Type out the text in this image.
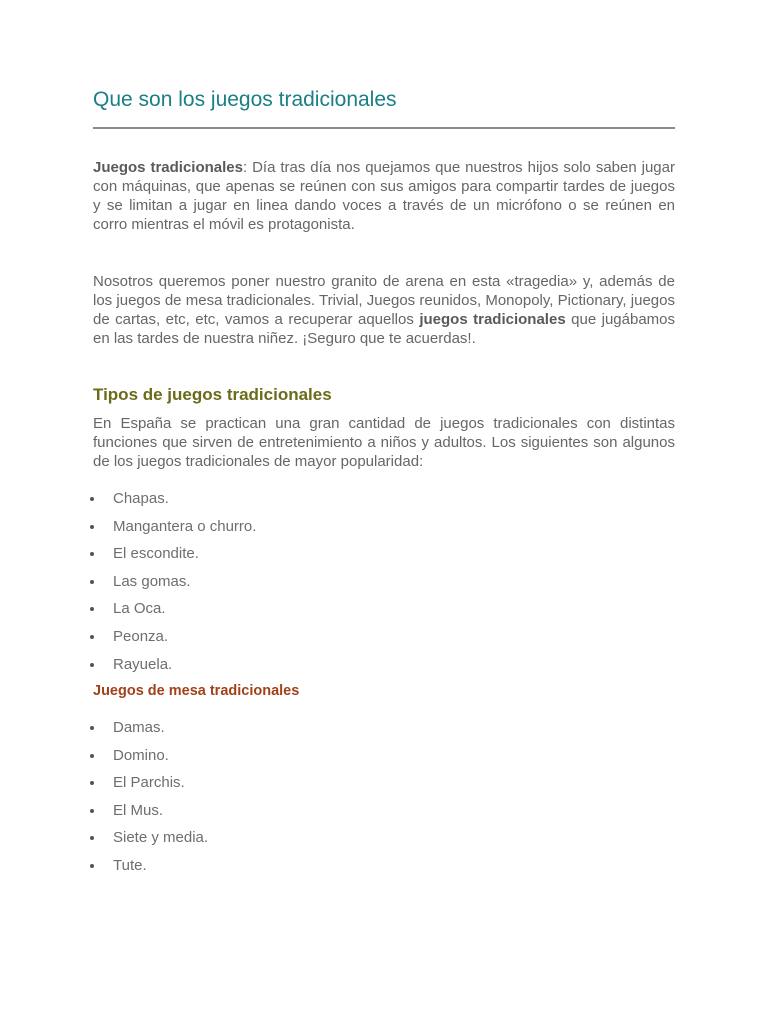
Que son los juegos tradicionales

Juegos tradicionales: Día tras día nos quejamos que nuestros hijos solo saben jugar con máquinas, que apenas se reúnen con sus amigos para compartir tardes de juegos y se limitan a jugar en linea dando voces a través de un micrófono o se reúnen en corro mientras el móvil es protagonista.

Nosotros queremos poner nuestro granito de arena en esta «tragedia» y, además de los juegos de mesa tradicionales. Trivial, Juegos reunidos, Monopoly, Pictionary, juegos de cartas, etc, etc, vamos a recuperar aquellos juegos tradicionales que jugábamos en las tardes de nuestra niñez. ¡Seguro que te acuerdas!.

Tipos de juegos tradicionales

En España se practican una gran cantidad de juegos tradicionales con distintas funciones que sirven de entretenimiento a niños y adultos. Los siguientes son algunos de los juegos tradicionales de mayor popularidad:

Chapas.
Mangantera o churro.
El escondite.
Las gomas.
La Oca.
Peonza.
Rayuela.
Juegos de mesa tradicionales
Damas.
Domino.
El Parchis.
El Mus.
Siete y media.
Tute.
